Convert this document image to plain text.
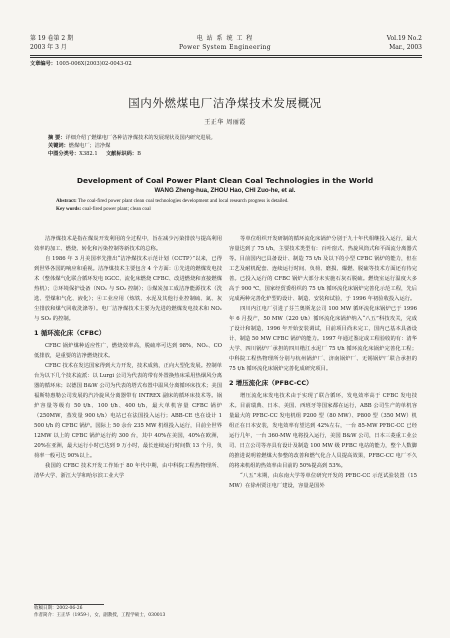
第 19 卷第 2 期
2003 年 3 月
电 站 系 统 工 程
Power System Engineering
Vol.19 No.2
Mar., 2003
文章编号：1005-006X(2003)02-0043-02
国内外燃煤电厂洁净煤技术发展概况
王正华 周丽霞
摘 要：详细介绍了燃煤电厂各种洁净煤技术的发展现状及国内研究进展。
关键词：燃煤电厂；洁净煤
中图分类号：X382.1 文献标识码：B
Development of Coal Power Plant Clean Coal Technologies in the World
WANG Zheng-hua, ZHOU Hao, CHI Zuo-he, et al.
Abstract: The coal-fired power plant clean coal technologies development and local research progress is detailed.
Key words: coal-fired power plant; clean coal

洁净煤技术是指在煤炭开发利用的全过程中，旨在减少污染排放与提高利用效率的加工、燃烧、转化和污染控制等新技术的总称。

自 1986 年 3 月美国率先推出“洁净煤技术示范计划（CCTP）”以来，已得到世界各国的响应和重视。洁净煤技术主要包含 4 个方面：①先进的燃煤发电技术（整体煤气化联合循环发电 IGCC、流化床燃烧 CFBC、改进燃烧和直接燃煤热机）；②环境保护设备（NOₓ 与 SO₂ 控制）；③煤炭加工成洁净能源技术（洗选、型煤和气化、液化）；④工业应用（炼铁、水泥及其他行业控制硫、氮、灰尘排放和煤气回收洗涤等）。电厂洁净煤技术主要为先进的燃煤发电技术和 NOₓ 与 SO₂ 的控制。

1 循环流化床（CFBC）

CFBC 锅炉煤种适应性广，燃烧效率高，脱硫率可达到 98%，NOₓ、CO 低排放，是重要的洁净燃烧技术。

CFBC 技术在发达国家得到大力开发，技术成熟，正向大型化发展。控制单台为以下几个技术流派：以 Lurgi 公司为代表的带有外置换热床采用热烟风分离器的循环床；以德国 B&W 公司为代表的塔式布置中温风分离循环床技术；美国福斯特惠勒公司发展的汽冷旋风分离器带有 INTREX 副床的循环床技术等。锅炉容量等级有 50 t/h、100 t/h、400 t/h，最大单机容量 CFBC 锅炉（250MW，蒸发量 900 t/h）电站已在法国投入运行；ABB-CE 也在设计 1 500 t/h 的 CFBC 锅炉。国际上 50 余台 235 MW 机组投入运行，目前全世界 12MW 以上的 CFBC 锅炉运行约 300 台，其中 40%在美国，40%在欧洲，20%在亚洲，最大运行小时已达到 9 万小时，最长连续运行时间数 13 个月，负荷率一般可达 90%以上。

我国的 CFBC 技术开发工作始于 80 年代中期，由中科院工程热物理所、清华大学、浙江大学和哈尔滨工业大学

等单位组织开发研制的循环流化床锅炉分别于九十年代相继投入运行，最大容量达到了 75 t/h，主要技术类型有：百叶窗式、热旋风筒式和平面流分离器式等。目前国内已具备设计、制造 75 t/h 及以下的小型 CFBC 锅炉的能力，但在工艺及耐机配套、连续运行时间、负荷、磨损、爆燃、脱硫等技术方面还有待完善。已投入运行的 CFBC 锅炉大部分未实施石灰石脱硫。燃烧室运行温度大多高于 900 ℃，国家经贸委组织的 75 t/h 循环流化床锅炉完善化示范工程，先后完成两种完善化炉型的设计、制造、安装和试验，于 1996 年初验收投入运行。

四川内江电厂引进了芬兰奥斯龙公司 100 MW 循环流化床锅炉已于 1996 年 6 月投产，50 MW（220 t/h）循环流化床锅炉纳入“八五”科技攻关，完成了设计和制造，1996 年开始安装调试，目前项目尚未完工，国内已基本具备设计、制造 50 MW CFBC 锅炉的能力。1997 年通过鉴定或工程验收的有：清华大学、四川锅炉厂承担的四川楷江水泥厂 75 t/h 循环流化床锅炉完善化工程；中科院工程热物理所分别与杭州锅炉厂、济南锅炉厂、无锡锅炉厂联合承担的 75 t/h 循环流化床锅炉完善化成研究项目。

2 增压流化床（PFBC-CC）

增压流化床发电技术由于实现了联合循环，发电效率高于 CFBC 发电技术。目前瑞典、日本、美国、西班牙等国家都在运行，ABB 公司生产的单机容量最大的 PFBC-CC 发电机组 P200 型（80 MW）、P800 型（350 MW）机组正在日本安装，发电效率有望达到 42%左右，一台 85-MW PFBC-CC 已经运行几年，一台 360-MW 电将投入运行，美国 B&W 公司，日本三菱重工业公司、日立公司等亦具有设计及制造 100 MW 级 PFBC 电站的能力，整个人数脚的推进说明着燃煤大参整的改善和燃气化合人员提高效果，PFBC-CC 电厂不久的将来机组的热效率由目前的 50%提高到 53%。

“八五”末期，由东南大学等单位研究开发的 PFBC-CC 示范试验装置（15 MW）在徐州贾汪电厂建设，容量是国外

收稿日期：2002-06-26
作者简介：王正华（1959-），女，副教授，工程学硕士，030013
